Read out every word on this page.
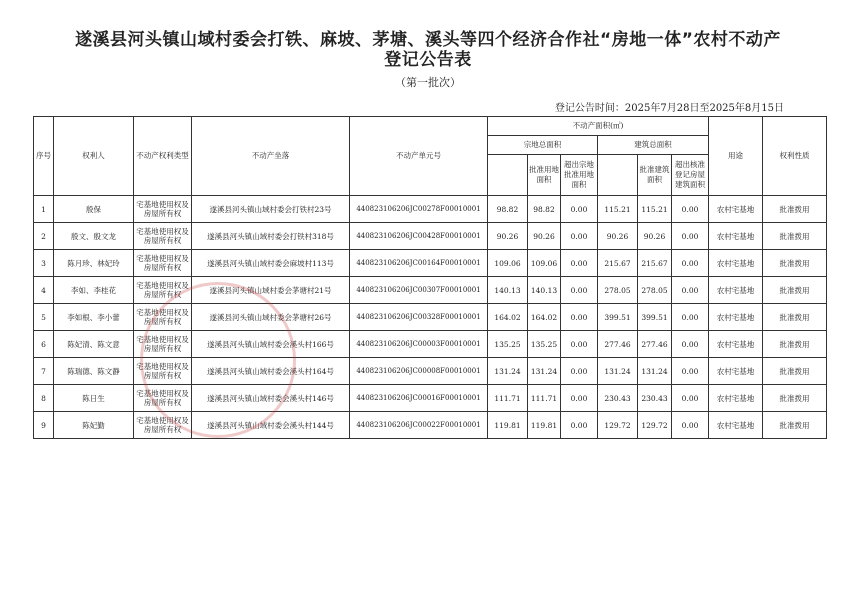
遂溪县河头镇山域村委会打铁、麻坡、茅塘、溪头等四个经济合作社“房地一体”农村不动产
登记公告表
（第一批次）
登记公告时间：2025年7月28日至2025年8月15日
序号	权利人	不动产权利类型	不动产坐落	不动产单元号	不动产面积(㎡)						用途	权利性质
					宗地总面积			建筑总面积				
						批准用地面积	超出宗地批准用地面积		批准建筑面积	超出核准登记房屋建筑面积		
1	殷保	宅基地使用权及房屋所有权	遂溪县河头镇山域村委会打铁村23号	440823106206JC00278F00010001	98.82	98.82	0.00	115.21	115.21	0.00	农村宅基地	批准拨用
2	殷文、殷文龙	宅基地使用权及房屋所有权	遂溪县河头镇山域村委会打铁村318号	440823106206JC00428F00010001	90.26	90.26	0.00	90.26	90.26	0.00	农村宅基地	批准拨用
3	陈月珍、林妃玲	宅基地使用权及房屋所有权	遂溪县河头镇山域村委会麻坡村113号	440823106206JC00164F00010001	109.06	109.06	0.00	215.67	215.67	0.00	农村宅基地	批准拨用
4	李如、李桂花	宅基地使用权及房屋所有权	遂溪县河头镇山域村委会茅塘村21号	440823106206JC00307F00010001	140.13	140.13	0.00	278.05	278.05	0.00	农村宅基地	批准拨用
5	李如根、李小蕾	宅基地使用权及房屋所有权	遂溪县河头镇山域村委会茅塘村26号	440823106206JC00328F00010001	164.02	164.02	0.00	399.51	399.51	0.00	农村宅基地	批准拨用
6	陈妃清、陈文意	宅基地使用权及房屋所有权	遂溪县河头镇山域村委会溪头村166号	440823106206JC00003F00010001	135.25	135.25	0.00	277.46	277.46	0.00	农村宅基地	批准拨用
7	陈瑞德、陈文静	宅基地使用权及房屋所有权	遂溪县河头镇山域村委会溪头村164号	440823106206JC00008F00010001	131.24	131.24	0.00	131.24	131.24	0.00	农村宅基地	批准拨用
8	陈日生	宅基地使用权及房屋所有权	遂溪县河头镇山域村委会溪头村146号	440823106206JC00016F00010001	111.71	111.71	0.00	230.43	230.43	0.00	农村宅基地	批准拨用
9	陈妃勤	宅基地使用权及房屋所有权	遂溪县河头镇山域村委会溪头村144号	440823106206JC00022F00010001	119.81	119.81	0.00	129.72	129.72	0.00	农村宅基地	批准拨用
